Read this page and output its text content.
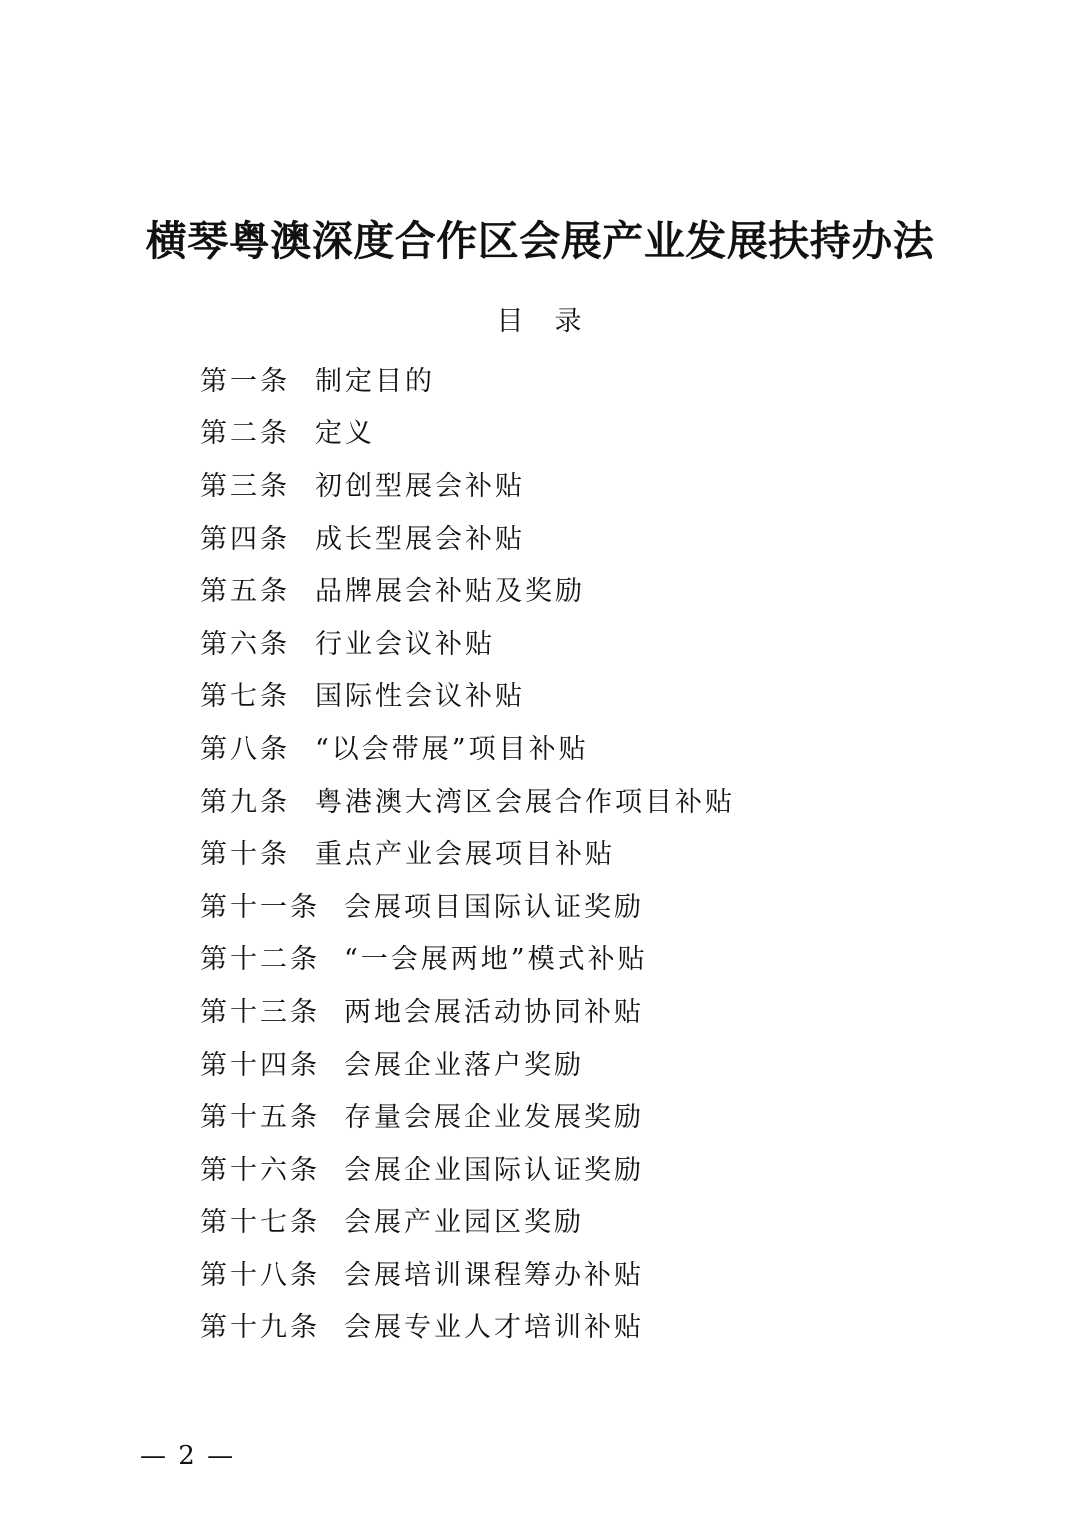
横琴粤澳深度合作区会展产业发展扶持办法
目　录
第一条 制定目的
第二条 定义
第三条 初创型展会补贴
第四条 成长型展会补贴
第五条 品牌展会补贴及奖励
第六条 行业会议补贴
第七条 国际性会议补贴
第八条 “以会带展”项目补贴
第九条 粤港澳大湾区会展合作项目补贴
第十条 重点产业会展项目补贴
第十一条 会展项目国际认证奖励
第十二条 “一会展两地”模式补贴
第十三条 两地会展活动协同补贴
第十四条 会展企业落户奖励
第十五条 存量会展企业发展奖励
第十六条 会展企业国际认证奖励
第十七条 会展产业园区奖励
第十八条 会展培训课程筹办补贴
第十九条 会展专业人才培训补贴
— 2 —
